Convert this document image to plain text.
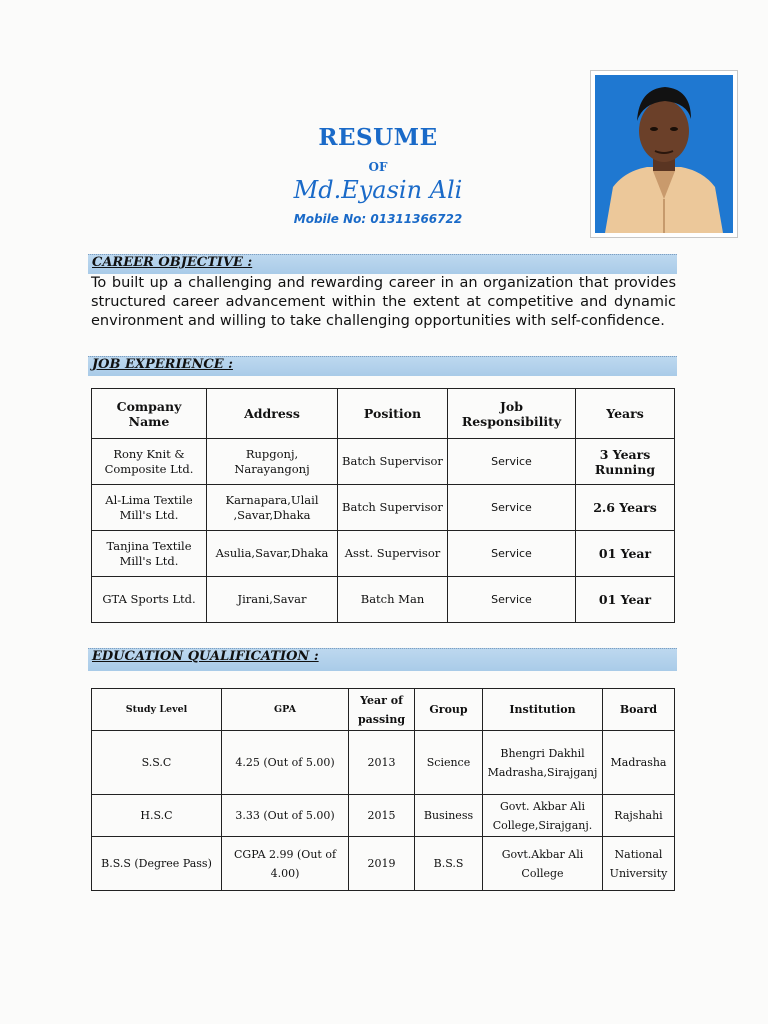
RESUME
OF
Md.Eyasin Ali
Mobile No: 01311366722
CAREER OBJECTIVE :
To built up a challenging and rewarding career in an organization that provides structured career advancement within the extent at competitive and dynamic environment and willing to take challenging opportunities with self-confidence.
JOB EXPERIENCE :
Company Name	Address	Position	Job Responsibility	Years
Rony Knit & Composite Ltd.	Rupgonj, Narayangonj	Batch Supervisor	Service	3 Years Running
Al-Lima Textile Mill's Ltd.	Karnapara,Ulail ,Savar,Dhaka	Batch Supervisor	Service	2.6 Years
Tanjina Textile Mill's Ltd.	Asulia,Savar,Dhaka	Asst. Supervisor	Service	01 Year
GTA Sports Ltd.	Jirani,Savar	Batch Man	Service	01 Year
EDUCATION QUALIFICATION :
Study Level	GPA	Year of passing	Group	Institution	Board
S.S.C	4.25 (Out of 5.00)	2013	Science	Bhengri Dakhil Madrasha,Sirajganj	Madrasha
H.S.C	3.33 (Out of 5.00)	2015	Business	Govt. Akbar Ali College,Sirajganj.	Rajshahi
B.S.S (Degree Pass)	CGPA 2.99 (Out of 4.00)	2019	B.S.S	Govt.Akbar Ali College	National University
